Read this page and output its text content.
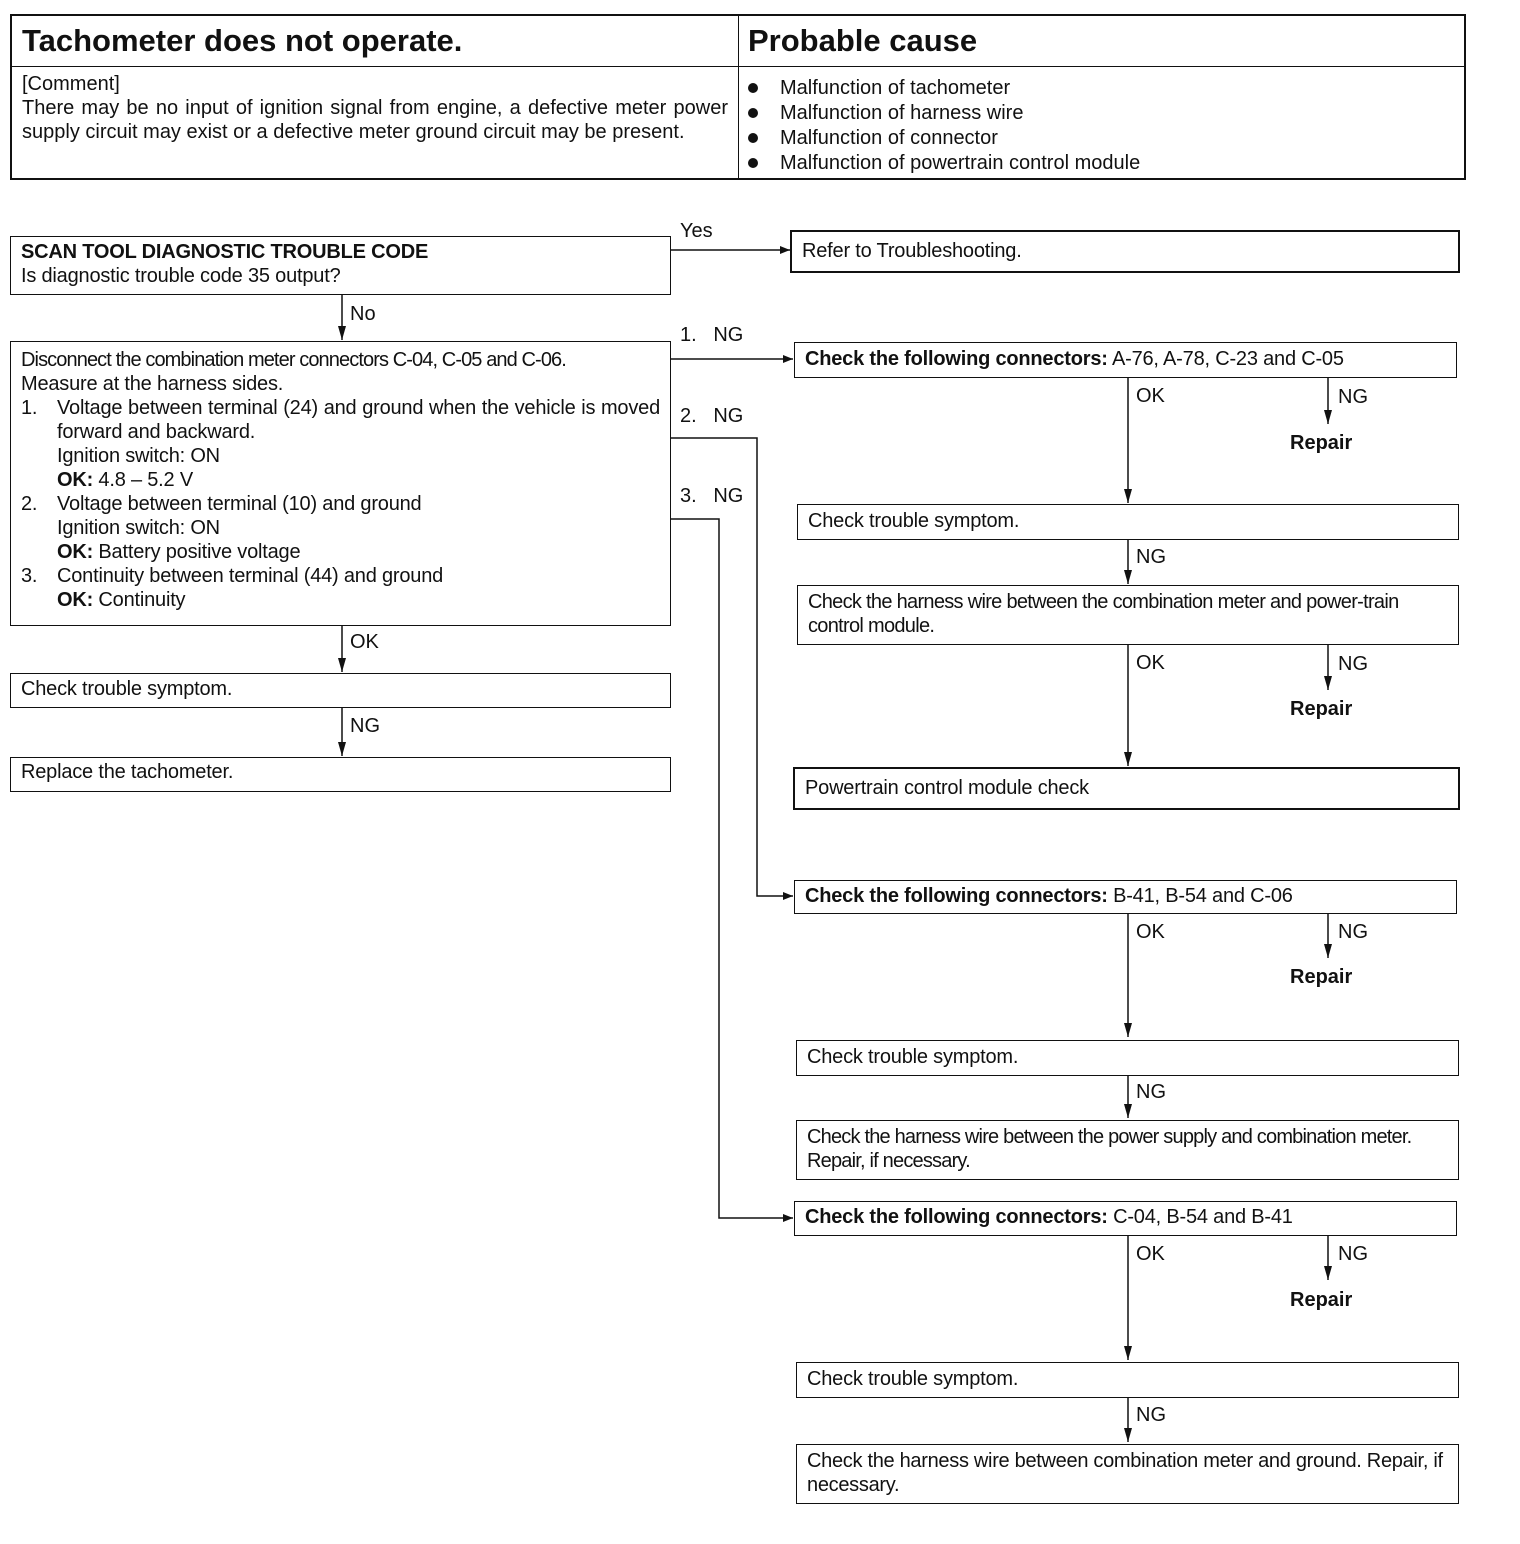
Tachometer does not operate.	Probable cause
[Comment]
There may be no input of ignition signal from engine, a defective meter power supply circuit may exist or a defective meter ground circuit may be present.
Malfunction of tachometer
Malfunction of harness wire
Malfunction of connector
Malfunction of powertrain control module
SCAN TOOL DIAGNOSTIC TROUBLE CODE
Is diagnostic trouble code 35 output?
Yes
No
Refer to Troubleshooting.
Disconnect the combination meter connectors C-04, C-05 and C-06.
Measure at the harness sides.
1. Voltage between terminal (24) and ground when the vehicle is moved forward and backward.
Ignition switch: ON
OK: 4.8 – 5.2 V
2. Voltage between terminal (10) and ground
Ignition switch: ON
OK: Battery positive voltage
3. Continuity between terminal (44) and ground
OK: Continuity
1.   NG
2.   NG
3.   NG
OK
Check trouble symptom.
NG
Replace the tachometer.
Check the following connectors: A-76, A-78, C-23 and C-05
OK	NG
Repair
Check trouble symptom.
NG
Check the harness wire between the combination meter and power-train control module.
OK	NG
Repair
Powertrain control module check
Check the following connectors: B-41, B-54 and C-06
OK	NG
Repair
Check trouble symptom.
NG
Check the harness wire between the power supply and combination meter. Repair, if necessary.
Check the following connectors: C-04, B-54 and B-41
OK	NG
Repair
Check trouble symptom.
NG
Check the harness wire between combination meter and ground. Repair, if necessary.
